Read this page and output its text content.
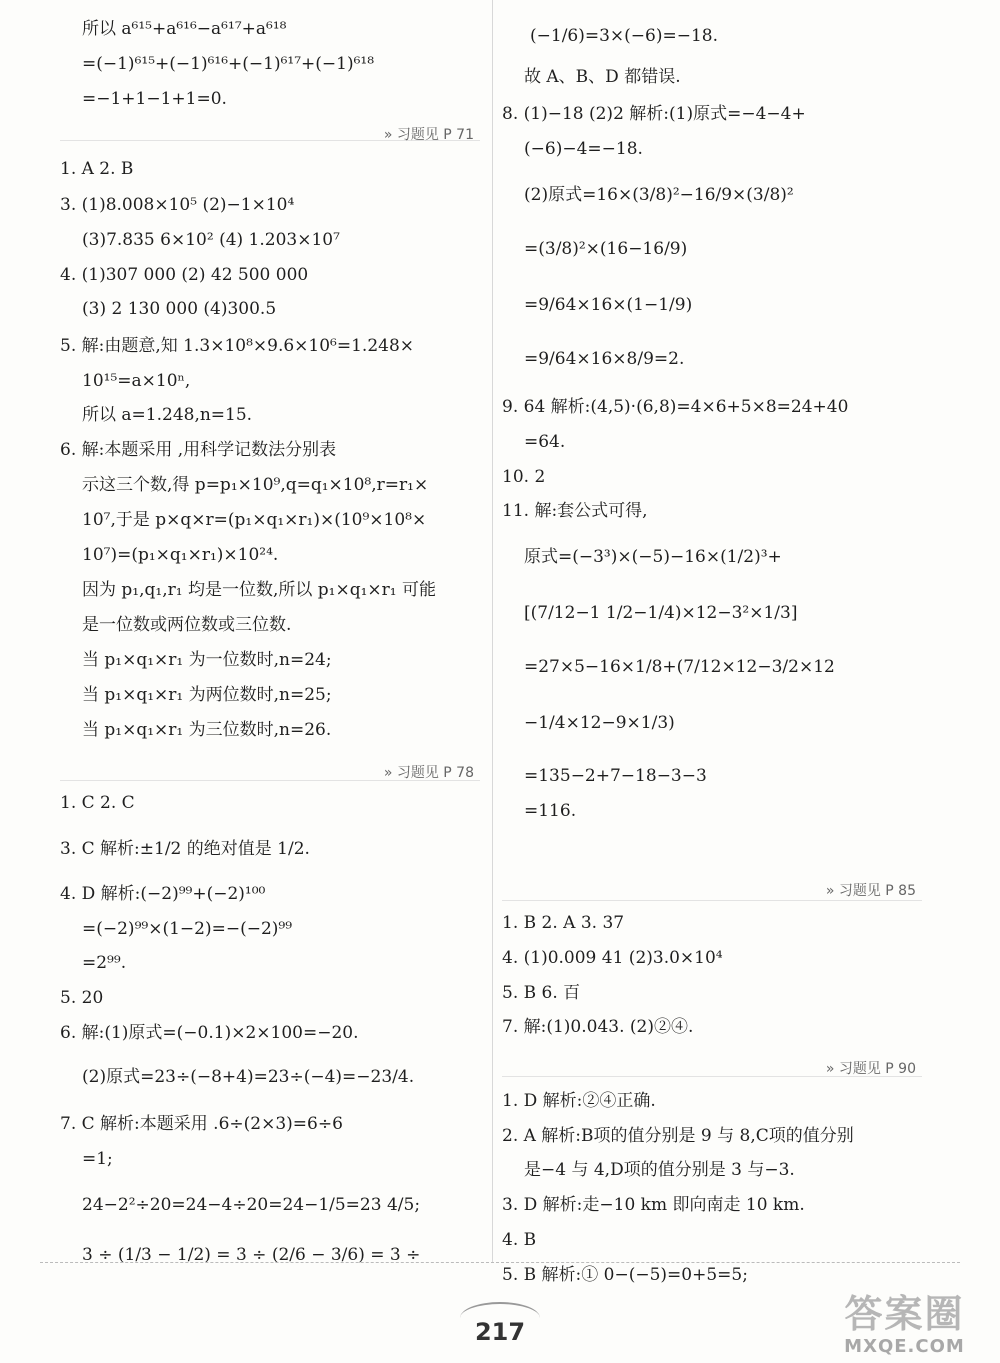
所以 a⁶¹⁵+a⁶¹⁶−a⁶¹⁷+a⁶¹⁸
=(−1)⁶¹⁵+(−1)⁶¹⁶+(−1)⁶¹⁷+(−1)⁶¹⁸
=−1+1−1+1=0.
» 习题见 P 71
1. A 2. B
3. (1)8.008×10⁵ (2)−1×10⁴
(3)7.835 6×10² (4) 1.203×10⁷
4. (1)307 000 (2) 42 500 000
(3) 2 130 000 (4)300.5
5. 解:由题意,知 1.3×10⁸×9.6×10⁶=1.248×
10¹⁵=a×10ⁿ,
所以 a=1.248,n=15.
6. 解:本题采用 ,用科学记数法分别表
示这三个数,得 p=p₁×10⁹,q=q₁×10⁸,r=r₁×
10⁷,于是 p×q×r=(p₁×q₁×r₁)×(10⁹×10⁸×
10⁷)=(p₁×q₁×r₁)×10²⁴.
因为 p₁,q₁,r₁ 均是一位数,所以 p₁×q₁×r₁ 可能
是一位数或两位数或三位数.
当 p₁×q₁×r₁ 为一位数时,n=24;
当 p₁×q₁×r₁ 为两位数时,n=25;
当 p₁×q₁×r₁ 为三位数时,n=26.
» 习题见 P 78
1. C 2. C
3. C 解析:±1/2 的绝对值是 1/2.
4. D 解析:(−2)⁹⁹+(−2)¹⁰⁰
=(−2)⁹⁹×(1−2)=−(−2)⁹⁹
=2⁹⁹.
5. 20
6. 解:(1)原式=(−0.1)×2×100=−20.
(2)原式=23÷(−8+4)=23÷(−4)=−23/4.
7. C 解析:本题采用 .6÷(2×3)=6÷6
=1;
24−2²÷20=24−4÷20=24−1/5=23 4/5;
3 ÷ (1/3 − 1/2) = 3 ÷ (2/6 − 3/6) = 3 ÷
(−1/6)=3×(−6)=−18.
故 A、B、D 都错误.
8. (1)−18 (2)2 解析:(1)原式=−4−4+
(−6)−4=−18.
(2)原式=16×(3/8)²−16/9×(3/8)²
=(3/8)²×(16−16/9)
=9/64×16×(1−1/9)
=9/64×16×8/9=2.
9. 64 解析:(4,5)·(6,8)=4×6+5×8=24+40
=64.
10. 2
11. 解:套公式可得,
原式=(−3³)×(−5)−16×(1/2)³+
[(7/12−1 1/2−1/4)×12−3²×1/3]
=27×5−16×1/8+(7/12×12−3/2×12
−1/4×12−9×1/3)
=135−2+7−18−3−3
=116.
» 习题见 P 85
1. B 2. A 3. 37
4. (1)0.009 41 (2)3.0×10⁴
5. B 6. 百
7. 解:(1)0.043. (2)②④.
» 习题见 P 90
1. D 解析:②④正确.
2. A 解析:B项的值分别是 9 与 8,C项的值分别
是−4 与 4,D项的值分别是 3 与−3.
3. D 解析:走−10 km 即向南走 10 km.
4. B
5. B 解析:① 0−(−5)=0+5=5;
217	答案圈
MXQE.COM
